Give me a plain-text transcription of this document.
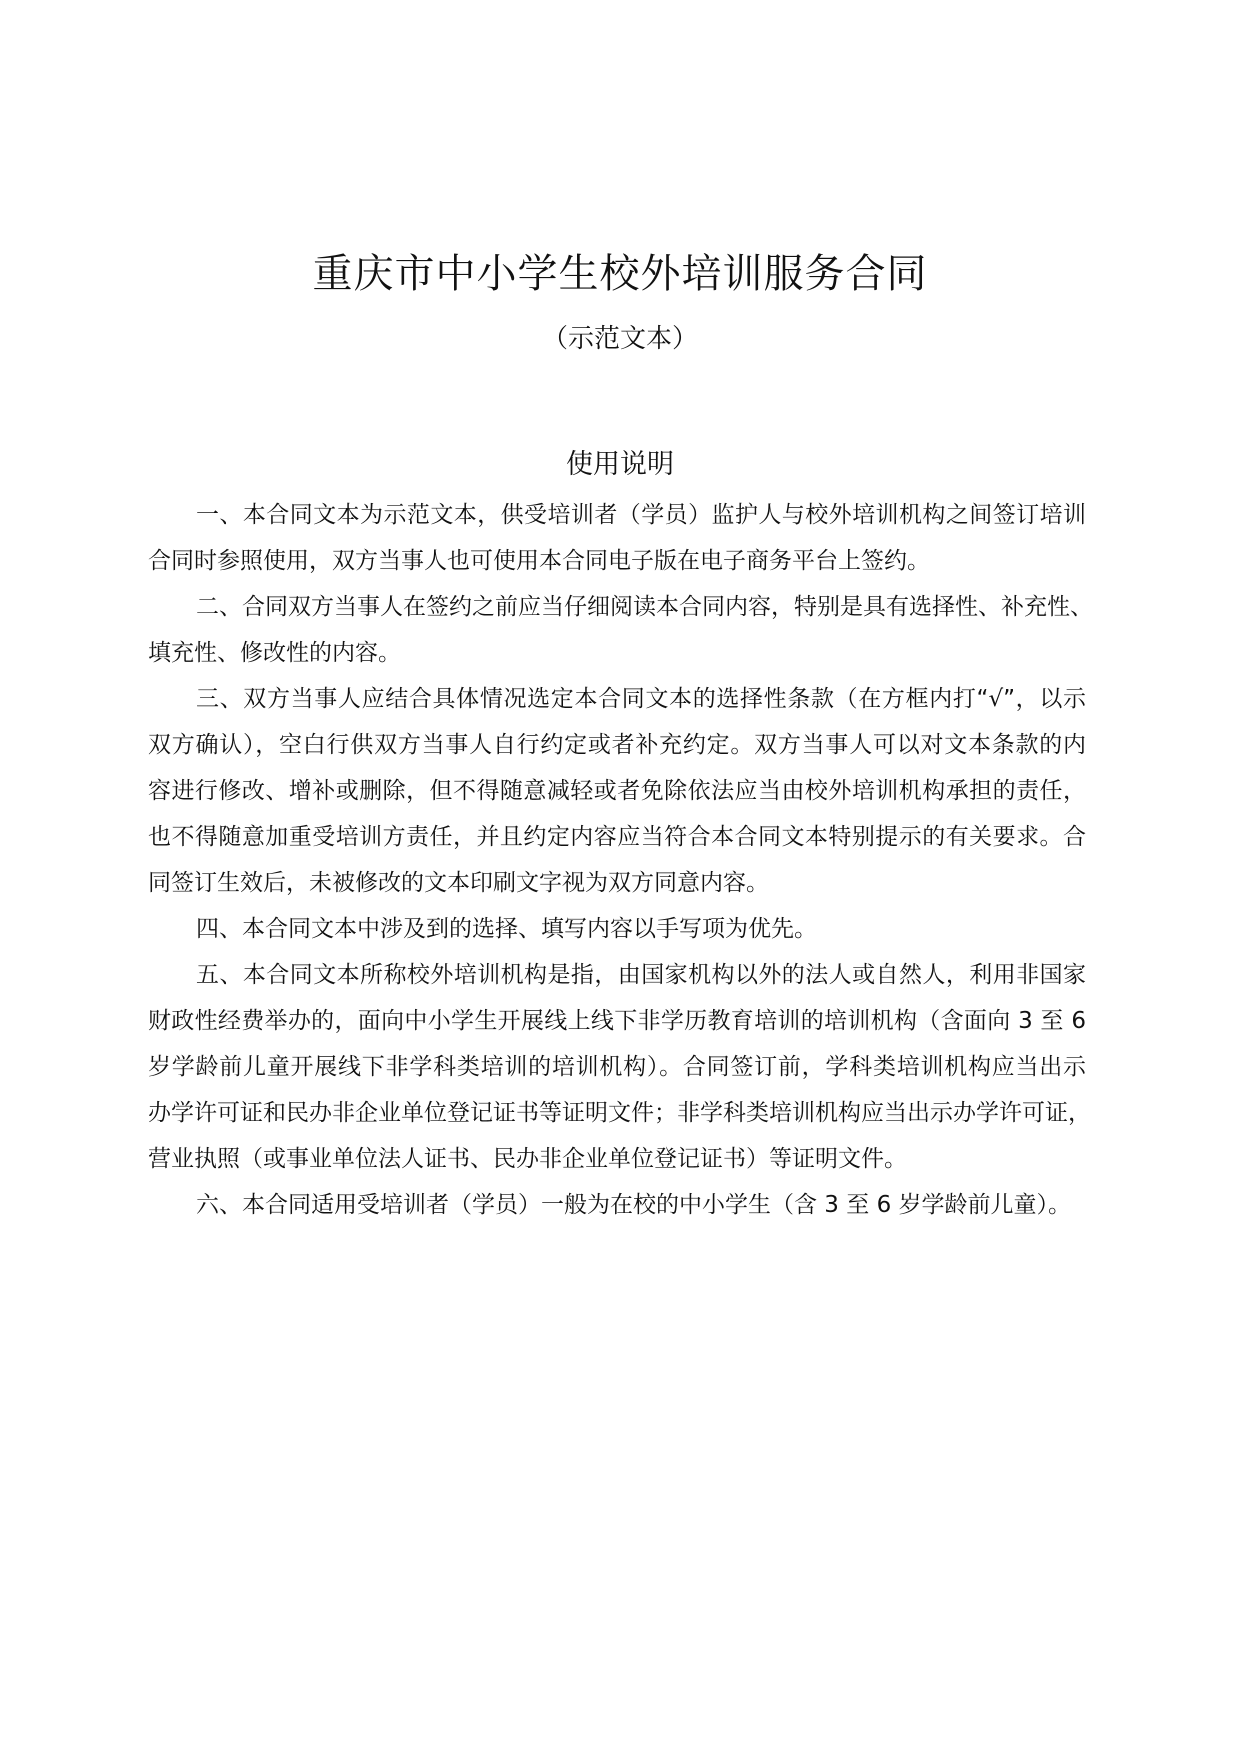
重庆市中小学生校外培训服务合同
（示范文本）
使用说明
一、本合同文本为示范文本，供受培训者（学员）监护人与校外培训机构之间签订培训
合同时参照使用，双方当事人也可使用本合同电子版在电子商务平台上签约。
二、合同双方当事人在签约之前应当仔细阅读本合同内容，特别是具有选择性、补充性、
填充性、修改性的内容。
三、双方当事人应结合具体情况选定本合同文本的选择性条款（在方框内打“√”，以示
双方确认），空白行供双方当事人自行约定或者补充约定。双方当事人可以对文本条款的内
容进行修改、增补或删除，但不得随意减轻或者免除依法应当由校外培训机构承担的责任，
也不得随意加重受培训方责任，并且约定内容应当符合本合同文本特别提示的有关要求。合
同签订生效后，未被修改的文本印刷文字视为双方同意内容。
四、本合同文本中涉及到的选择、填写内容以手写项为优先。
五、本合同文本所称校外培训机构是指，由国家机构以外的法人或自然人，利用非国家
财政性经费举办的，面向中小学生开展线上线下非学历教育培训的培训机构（含面向 3 至 6
岁学龄前儿童开展线下非学科类培训的培训机构）。合同签订前，学科类培训机构应当出示
办学许可证和民办非企业单位登记证书等证明文件；非学科类培训机构应当出示办学许可证，
营业执照（或事业单位法人证书、民办非企业单位登记证书）等证明文件。
六、本合同适用受培训者（学员）一般为在校的中小学生（含 3 至 6 岁学龄前儿童）。
